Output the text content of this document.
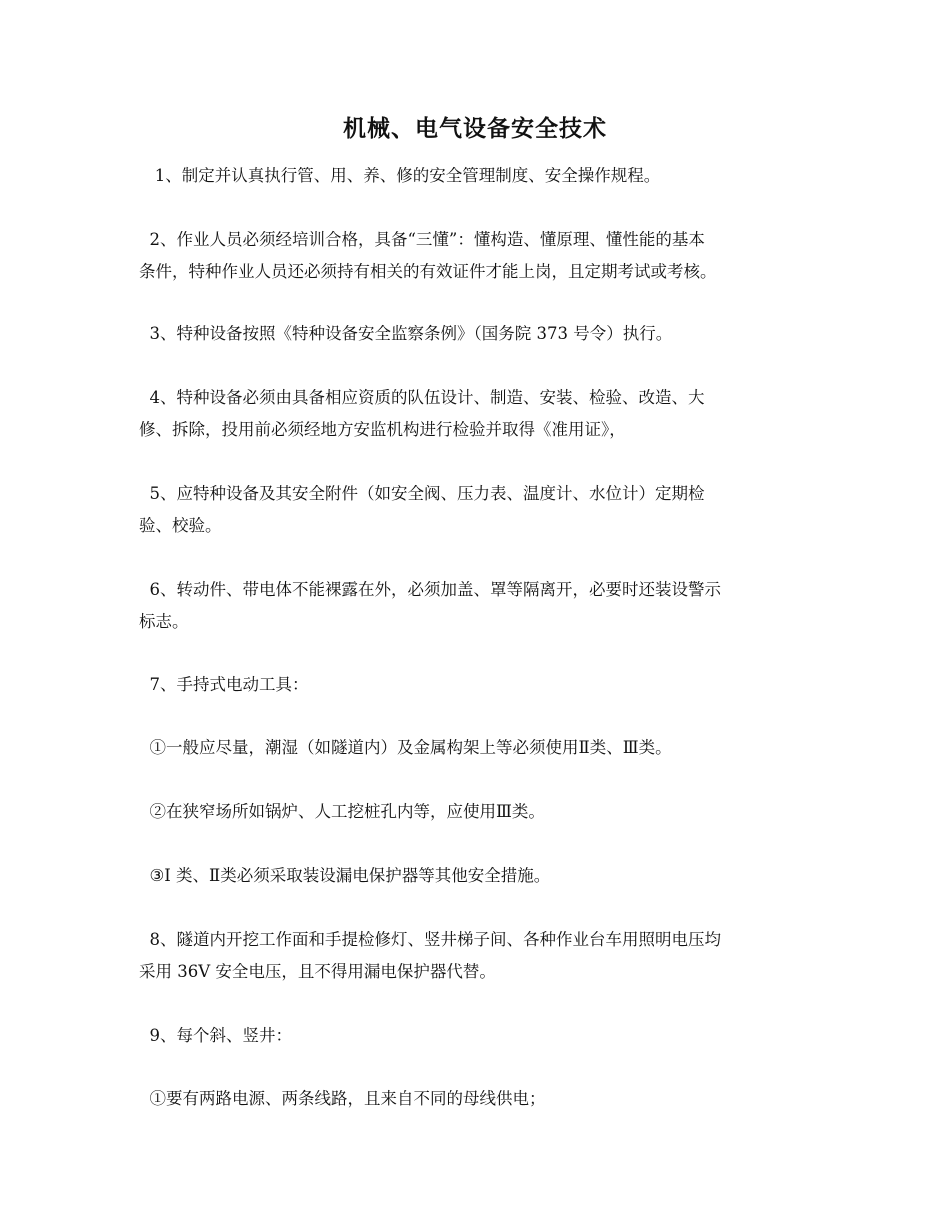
机械、电气设备安全技术

1、制定并认真执行管、用、养、修的安全管理制度、安全操作规程。

2、作业人员必须经培训合格，具备“三懂”：懂构造、懂原理、懂性能的基本
条件，特种作业人员还必须持有相关的有效证件才能上岗，且定期考试或考核。

3、特种设备按照《特种设备安全监察条例》（国务院 373 号令）执行。

4、特种设备必须由具备相应资质的队伍设计、制造、安装、检验、改造、大
修、拆除，投用前必须经地方安监机构进行检验并取得《准用证》，

5、应特种设备及其安全附件（如安全阀、压力表、温度计、水位计）定期检
验、校验。

6、转动件、带电体不能裸露在外，必须加盖、罩等隔离开，必要时还装设警示
标志。

7、手持式电动工具：

①一般应尽量，潮湿（如隧道内）及金属构架上等必须使用Ⅱ类、Ⅲ类。

②在狭窄场所如锅炉、人工挖桩孔内等，应使用Ⅲ类。

③Ⅰ 类、Ⅱ类必须采取装设漏电保护器等其他安全措施。

8、隧道内开挖工作面和手提检修灯、竖井梯子间、各种作业台车用照明电压均
采用 36V 安全电压，且不得用漏电保护器代替。

9、每个斜、竖井：

①要有两路电源、两条线路，且来自不同的母线供电；
